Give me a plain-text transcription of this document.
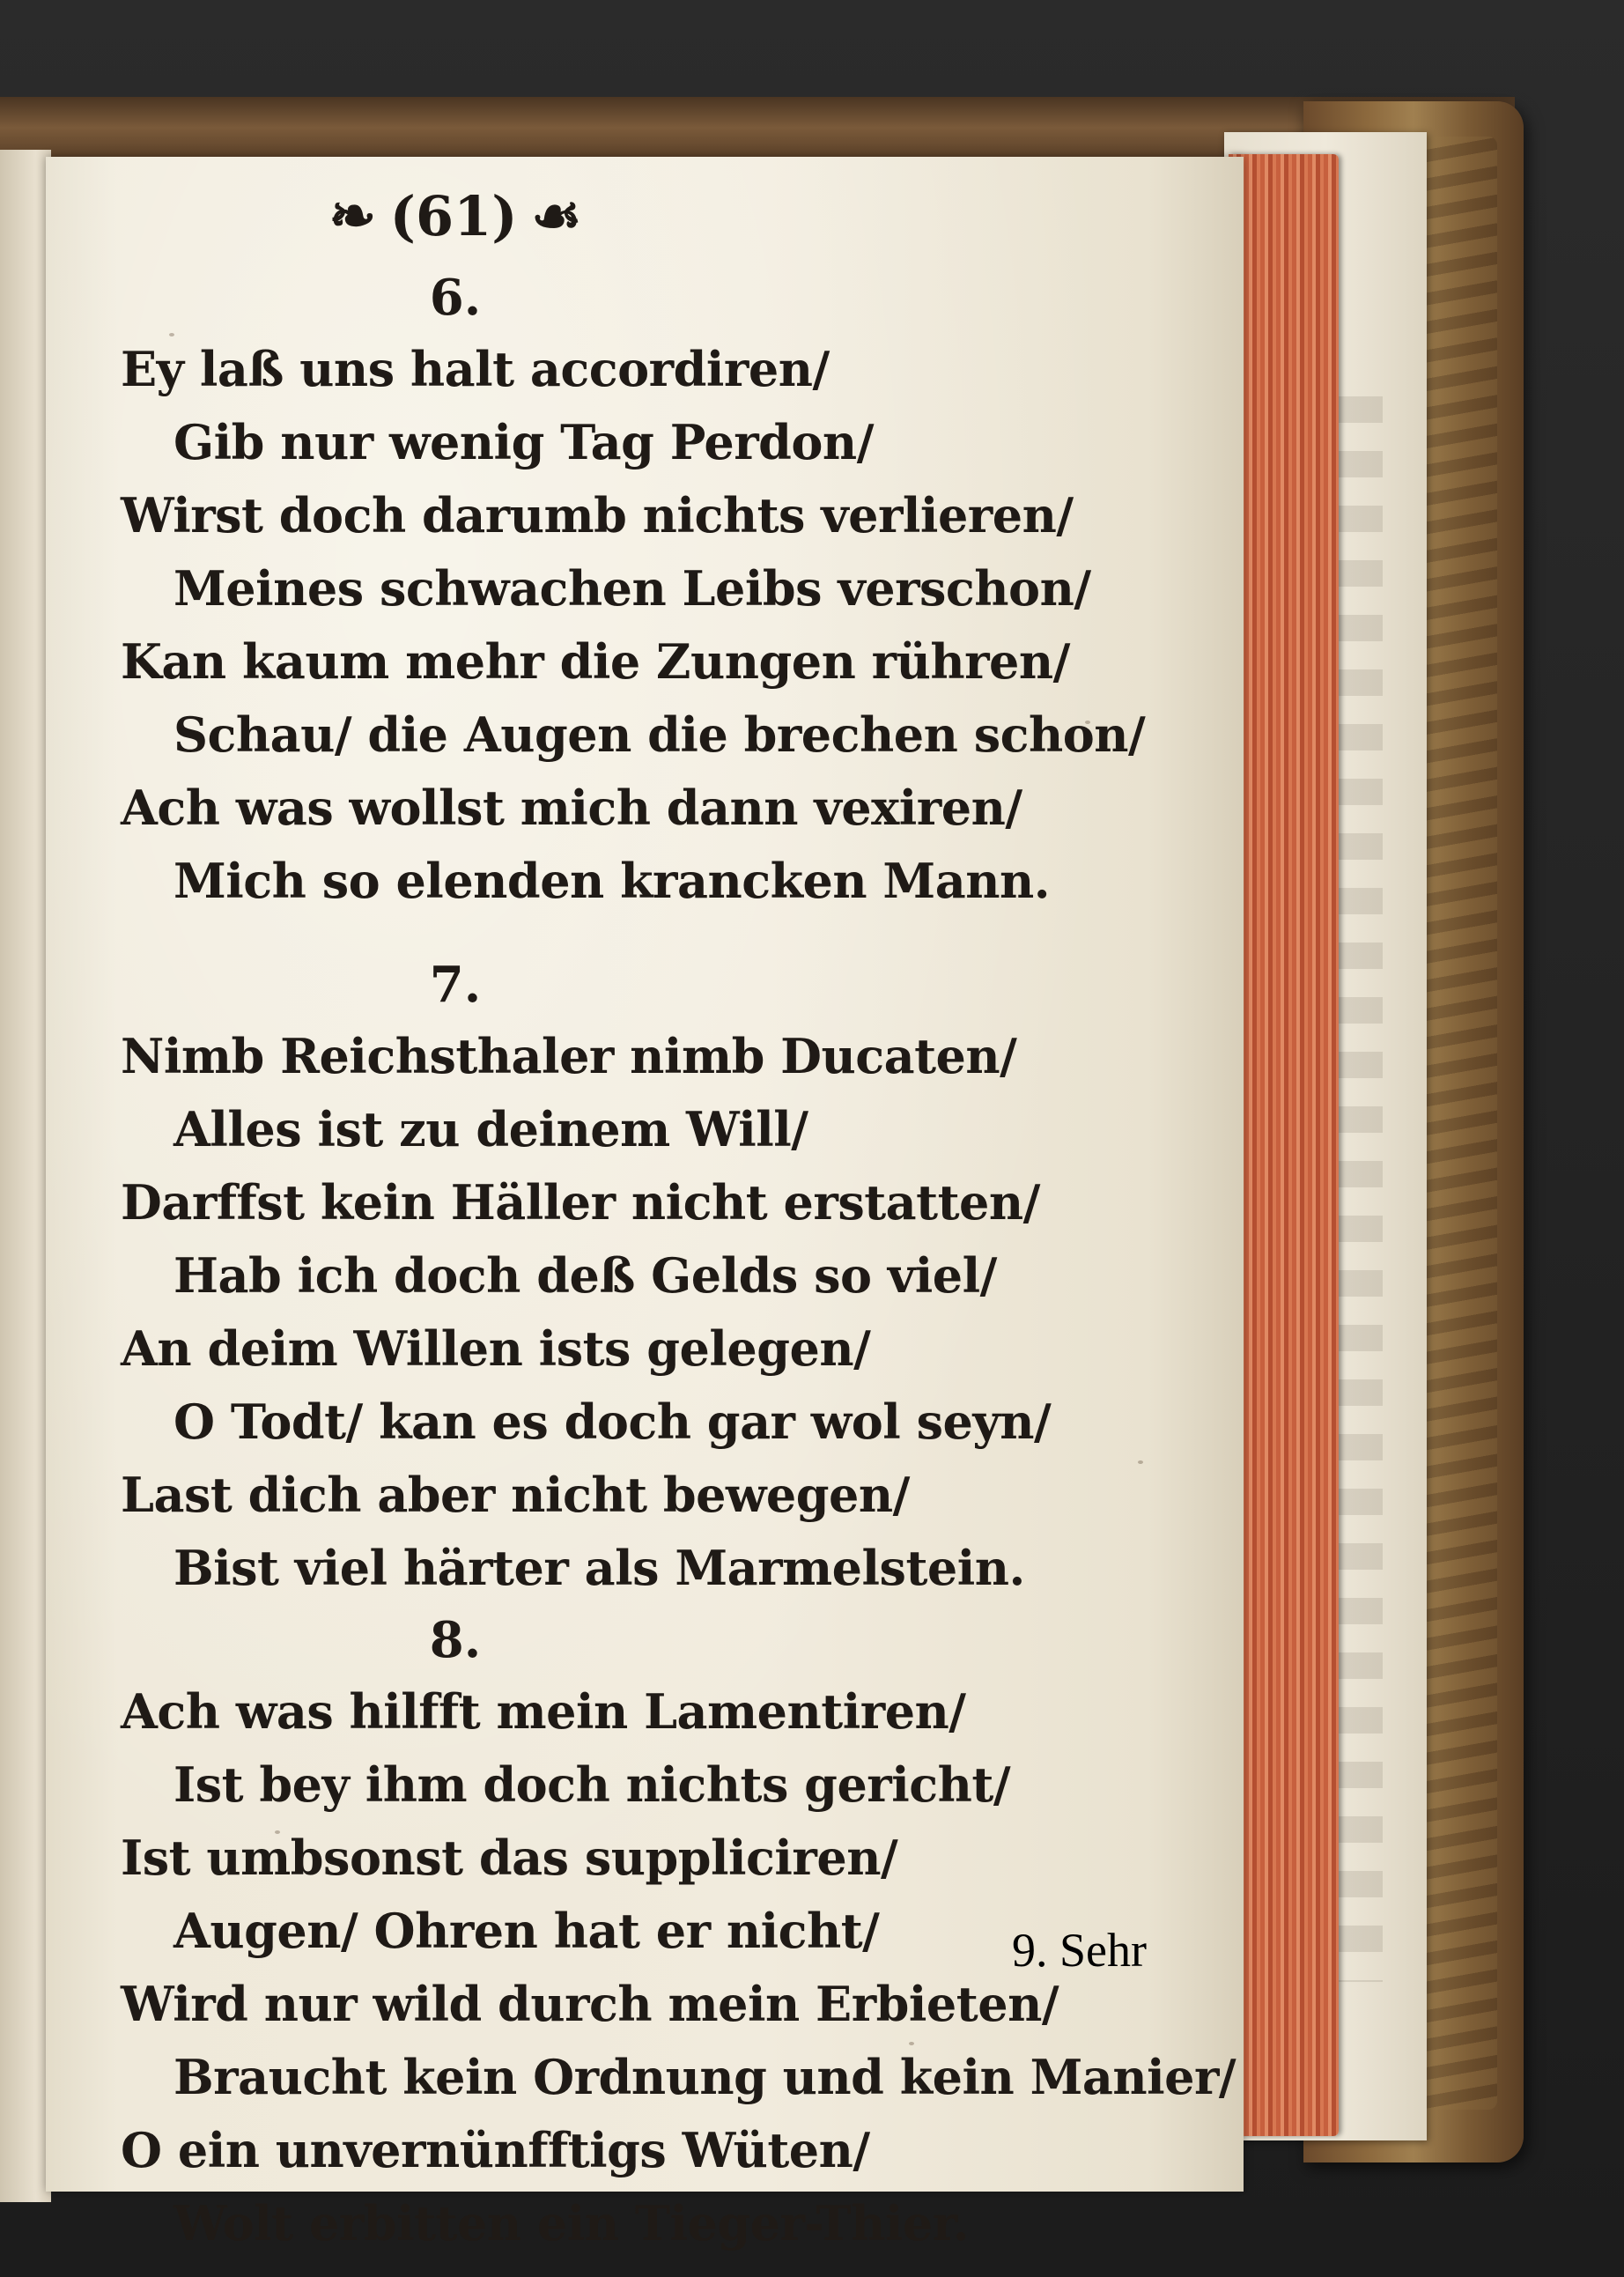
❧ (61) ☙
6.
Ey laß uns halt accordiren/
Gib nur wenig Tag Perdon/
Wirst doch darumb nichts verlieren/
Meines schwachen Leibs verschon/
Kan kaum mehr die Zungen rühren/
Schau/ die Augen die brechen schon/
Ach was wollst mich dann vexiren/
Mich so elenden krancken Mann.
7.
Nimb Reichsthaler nimb Ducaten/
Alles ist zu deinem Will/
Darffst kein Häller nicht erstatten/
Hab ich doch deß Gelds so viel/
An deim Willen ists gelegen/
O Todt/ kan es doch gar wol seyn/
Last dich aber nicht bewegen/
Bist viel härter als Marmelstein.
8.
Ach was hilfft mein Lamentiren/
Ist bey ihm doch nichts gericht/
Ist umbsonst das suppliciren/
Augen/ Ohren hat er nicht/
Wird nur wild durch mein Erbieten/
Braucht kein Ordnung und kein Manier/
O ein unvernünfftigs Wüten/
Wolt erbitten ein Tieger-Thier.
9. Sehr
